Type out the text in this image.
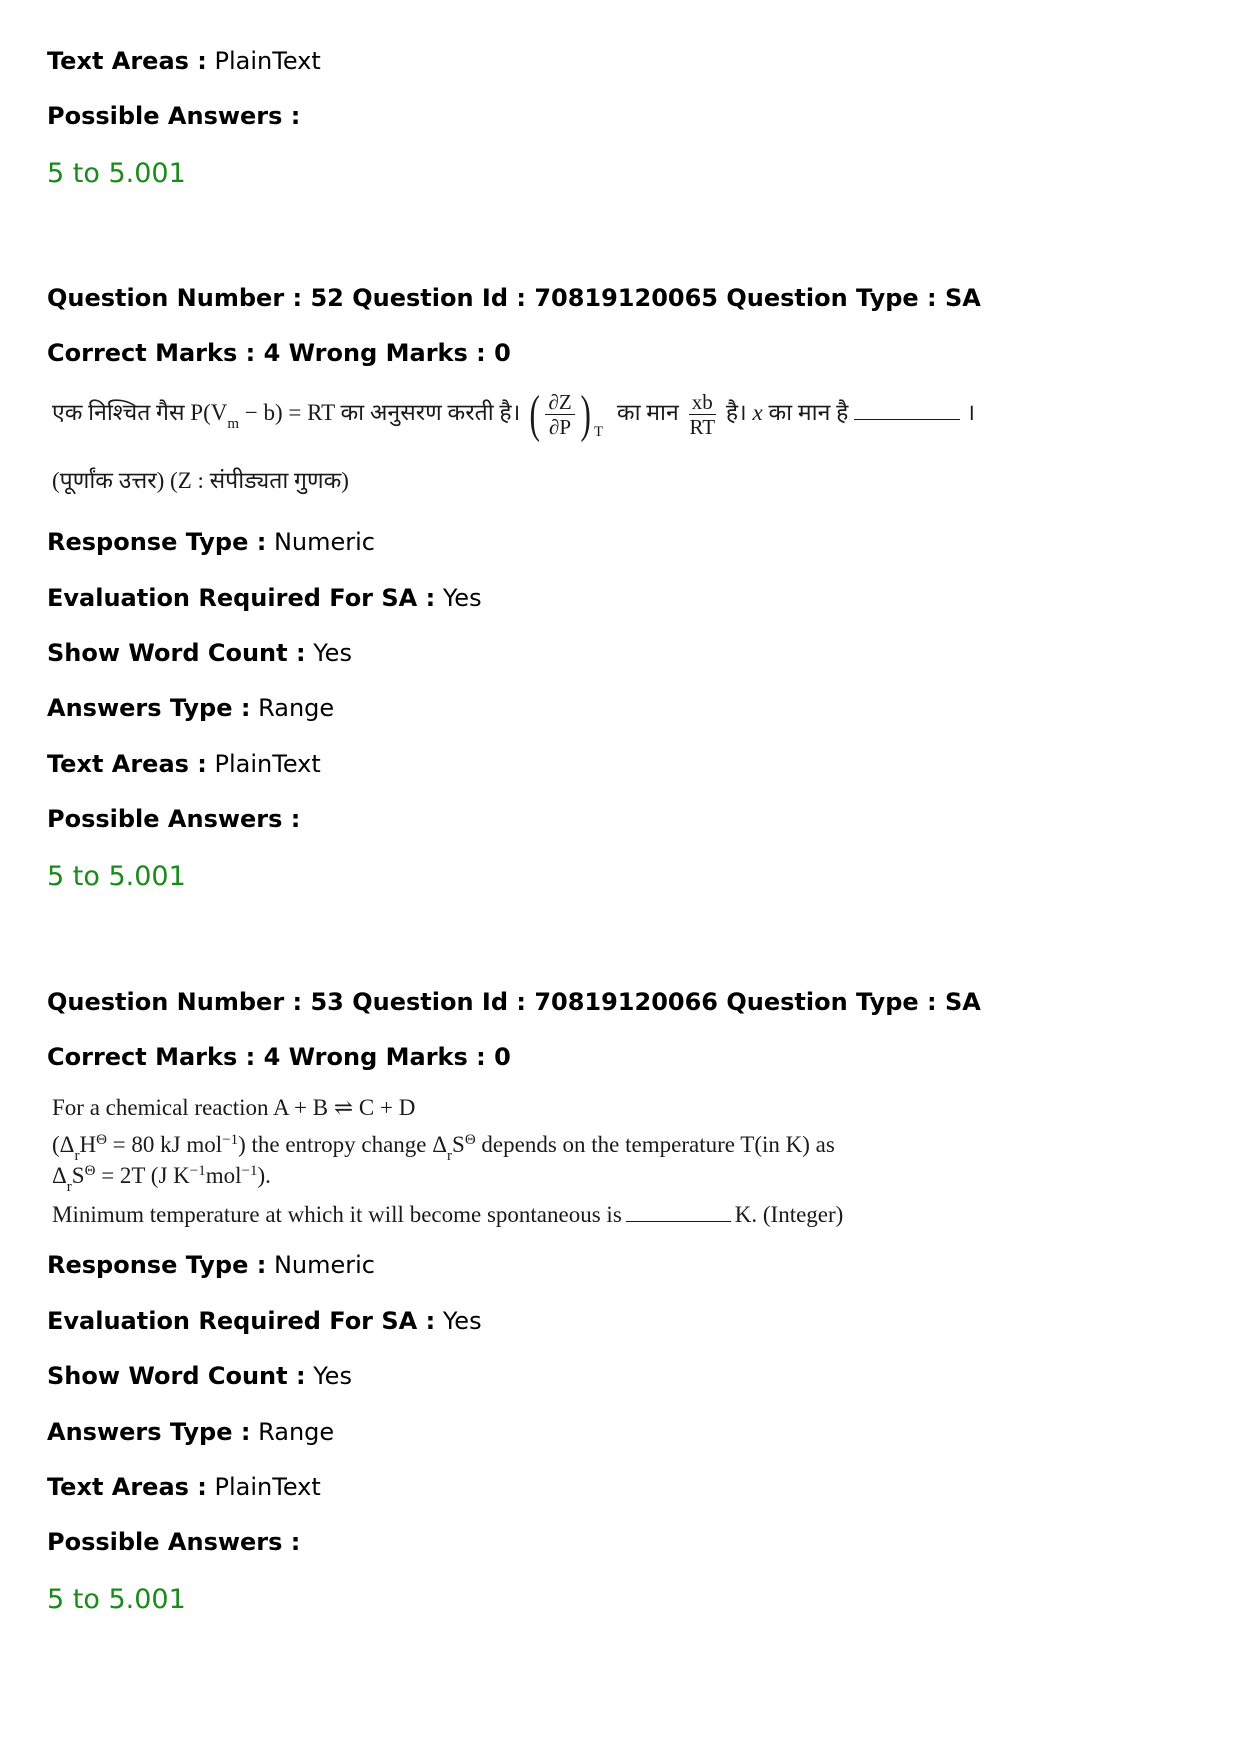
Text Areas : PlainText
Possible Answers :
5 to 5.001
Question Number : 52 Question Id : 70819120065 Question Type : SA
Correct Marks : 4 Wrong Marks : 0
एक निश्चित गैस $P(V_m - b)$ = RT का अनुसरण करती है। ( $\frac{\partial Z}{\partial P}$ ) $_T$ का मान $\frac{xb}{RT}$ है। x का मान है	।
(पूर्णांक उत्तर) (Z : संपीड्यता गुणक)
Response Type : Numeric
Evaluation Required For SA : Yes
Show Word Count : Yes
Answers Type : Range
Text Areas : PlainText
Possible Answers :
5 to 5.001
Question Number : 53 Question Id : 70819120066 Question Type : SA
Correct Marks : 4 Wrong Marks : 0
For a chemical reaction A + B ⇌ C + D
($\Delta_rH^\Theta = 80$ kJ mol$^{-1}$) the entropy change $\Delta_rS^\Theta$ depends on the temperature T(in K) as
$\Delta_rS^\Theta = 2T$ (J $K^{-1}mol^{-1}$).
Minimum temperature at which it will become spontaneous is	K. (Integer)
Response Type : Numeric
Evaluation Required For SA : Yes
Show Word Count : Yes
Answers Type : Range
Text Areas : PlainText
Possible Answers :
5 to 5.001
